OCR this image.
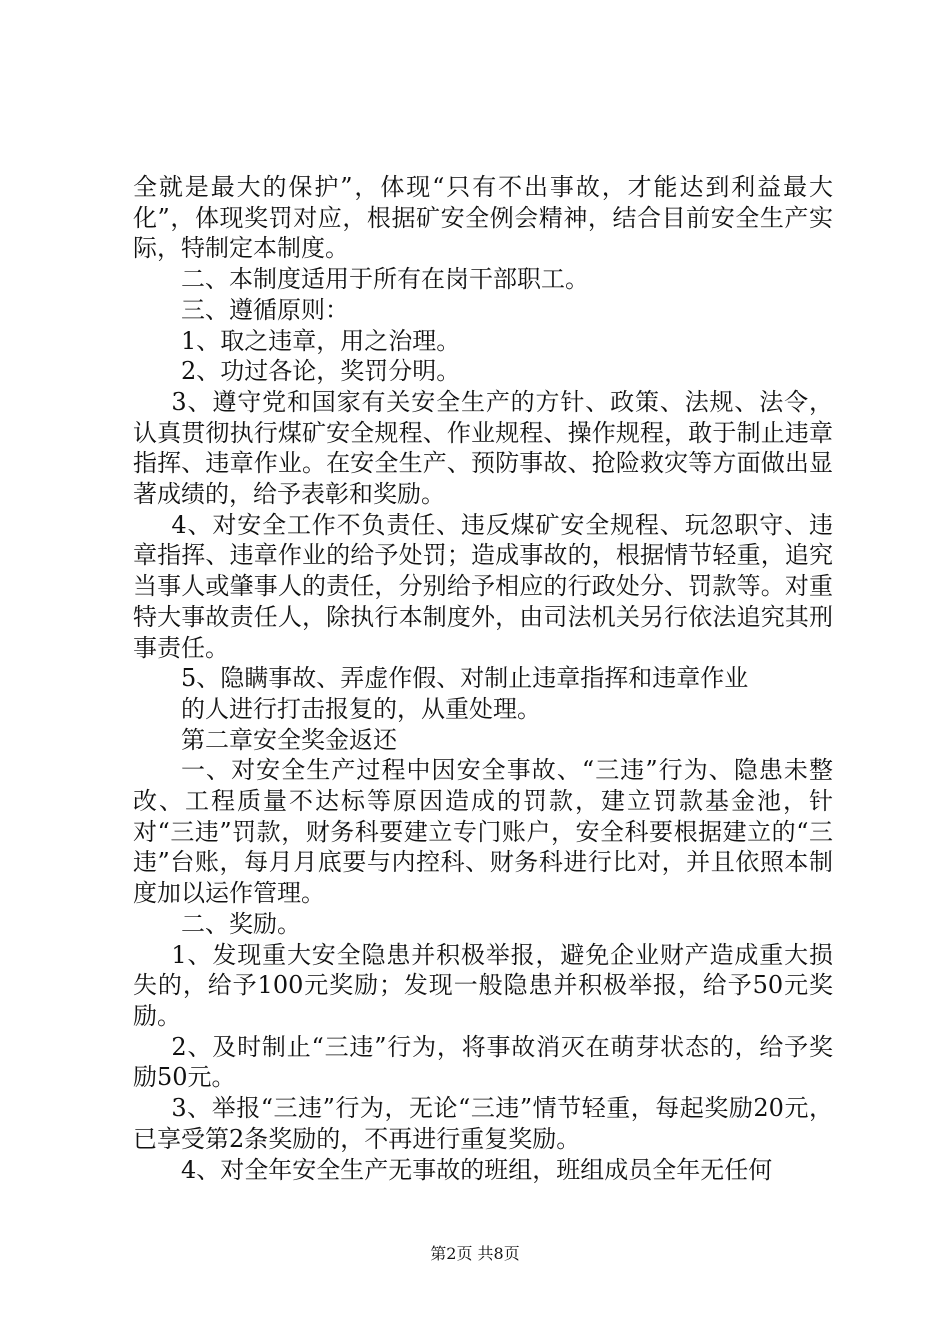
全就是最大的保护”，体现“只有不出事故，才能达到利益最大化”，体现奖罚对应，根据矿安全例会精神，结合目前安全生产实际，特制定本制度。

二、本制度适用于所有在岗干部职工。

三、遵循原则：

1、取之违章，用之治理。

2、功过各论，奖罚分明。

3、遵守党和国家有关安全生产的方针、政策、法规、法令，认真贯彻执行煤矿安全规程、作业规程、操作规程，敢于制止违章指挥、违章作业。在安全生产、预防事故、抢险救灾等方面做出显著成绩的，给予表彰和奖励。

4、对安全工作不负责任、违反煤矿安全规程、玩忽职守、违章指挥、违章作业的给予处罚；造成事故的，根据情节轻重，追究当事人或肇事人的责任，分别给予相应的行政处分、罚款等。对重特大事故责任人，除执行本制度外，由司法机关另行依法追究其刑事责任。

5、隐瞒事故、弄虚作假、对制止违章指挥和违章作业

的人进行打击报复的，从重处理。

第二章安全奖金返还

一、对安全生产过程中因安全事故、“三违”行为、隐患未整改、工程质量不达标等原因造成的罚款，建立罚款基金池，针对“三违”罚款，财务科要建立专门账户，安全科要根据建立的“三违”台账，每月月底要与内控科、财务科进行比对，并且依照本制度加以运作管理。

二、奖励。

1、发现重大安全隐患并积极举报，避免企业财产造成重大损失的，给予100元奖励；发现一般隐患并积极举报，给予50元奖励。

2、及时制止“三违”行为，将事故消灭在萌芽状态的，给予奖励50元。

3、举报“三违”行为，无论“三违”情节轻重，每起奖励20元，已享受第2条奖励的，不再进行重复奖励。

4、对全年安全生产无事故的班组，班组成员全年无任何

第2页 共8页
